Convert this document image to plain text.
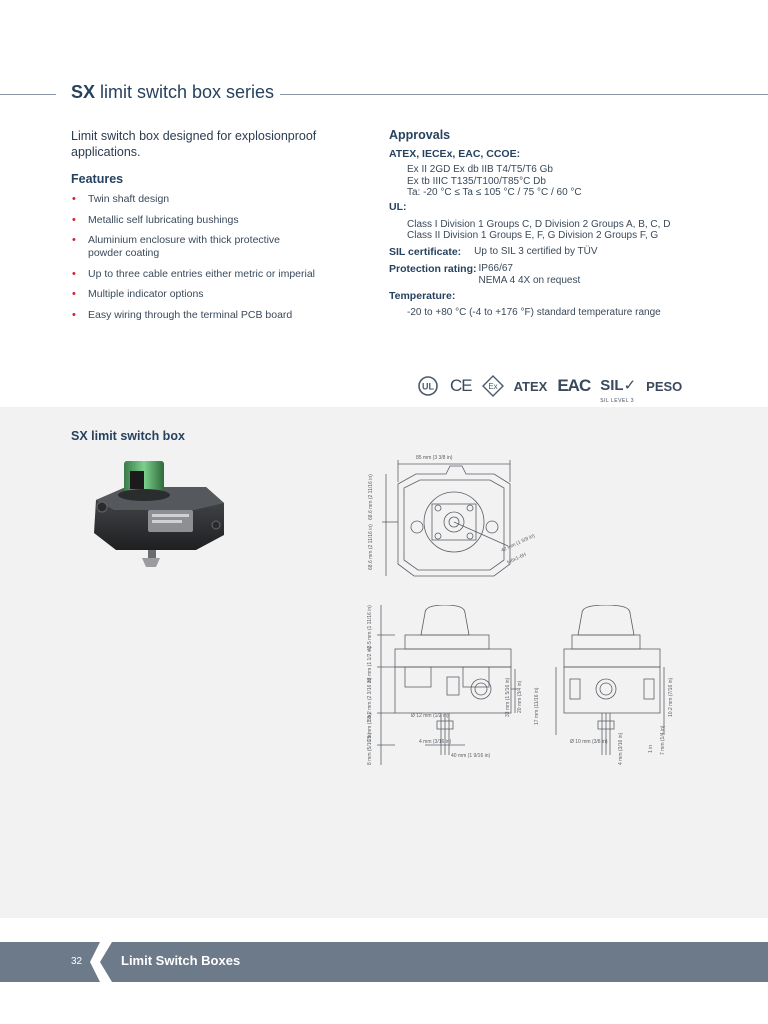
SX limit switch box series
Limit switch box designed for explosionproof applications.
Features
• Twin shaft design
• Metallic self lubricating bushings
• Aluminium enclosure with thick protective powder coating
• Up to three cable entries either metric or imperial
• Multiple indicator options
• Easy wiring through the terminal PCB board
Approvals
ATEX, IECEx, EAC, CCOE:
Ex II 2GD Ex db IIB T4/T5/T6 Gb
Ex tb IIIC T135/T100/T85°C Db
Ta: -20 °C ≤ Ta ≤ 105 °C / 75 °C / 60 °C
UL:
Class I Division 1 Groups C, D Division 2 Groups A, B, C, D
Class II Division 1 Groups E, F, G Division 2 Groups F, G
SIL certificate:	Up to SIL 3 certified by TÜV
Protection rating: IP66/67
NEMA 4 4X on request
Temperature:
-20 to +80 °C (-4 to +176 °F) standard temperature range
UL CE Ex ATEX EAC SIL✓
SIL LEVEL 3
PESO
SX limit switch box
85 mm (3 3/8 in)
68.6 mm (2 11/16 in)
68.6 mm (2 11/16 in)	42 mm (1 5/8 in)
M6x1-6H
43.5 mm (1 11/16 in)
38 mm (1 1/2 in)
55.2 mm (2 3/16 in)
25 mm (1 in)
8 mm (5/16 in)
Ø 12 mm (1/2 in)
4 mm (3/16 in)
40 mm (1 9/16 in)
33 mm (1 5/16 in) 20 mm (3/4 in) 17 mm (11/16 in)
Ø 10 mm (3/8 in) 4 mm (3/16 in)	1 in 7 mm (1/4 in)
10.2 mm (7/16 in)
32	Limit Switch Boxes
